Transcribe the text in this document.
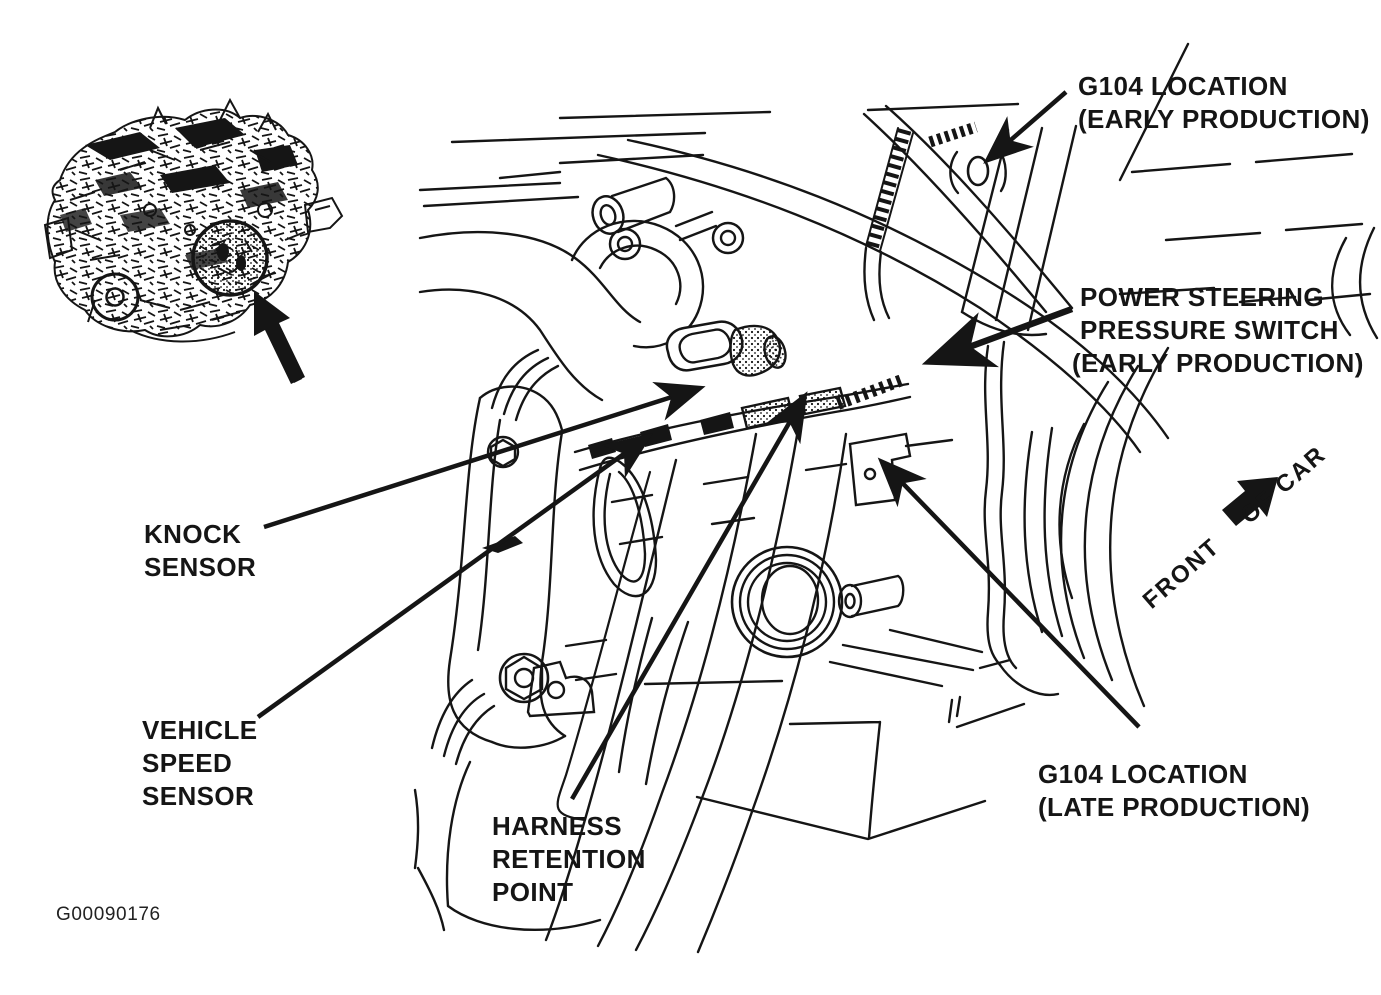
G104 LOCATION
(EARLY PRODUCTION)
POWER STEERING
PRESSURE SWITCH
(EARLY PRODUCTION)
KNOCK
SENSOR
VEHICLE
SPEED
SENSOR
HARNESS
RETENTION
POINT
G104 LOCATION
(LATE PRODUCTION)
FRONT OF CAR
G00090176
